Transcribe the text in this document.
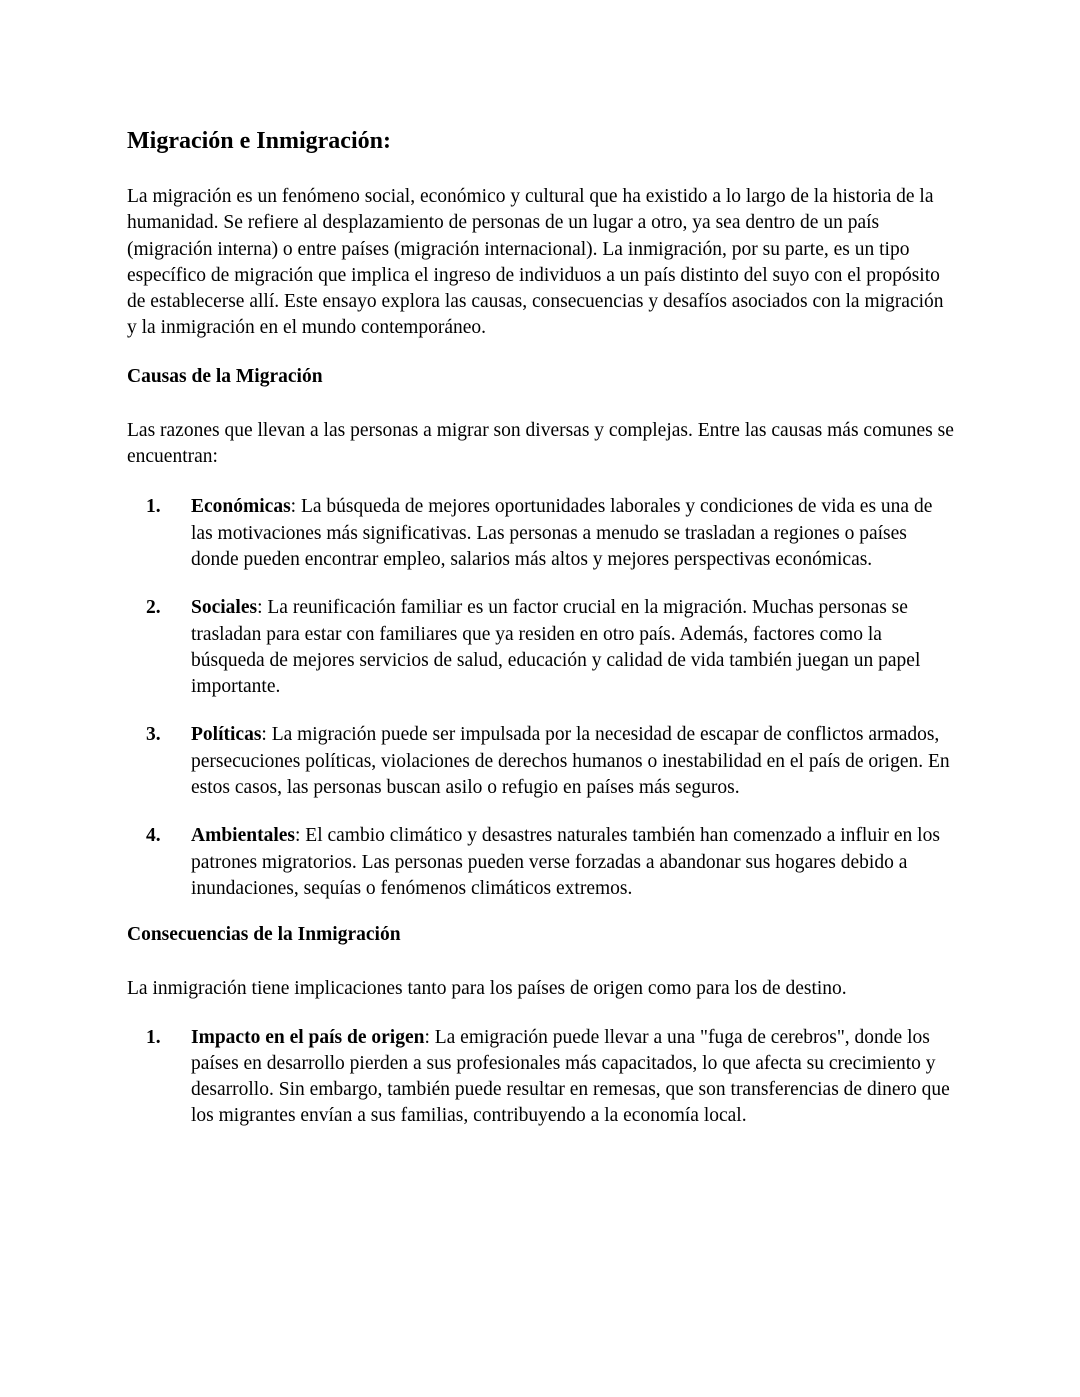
Migración e Inmigración:

La migración es un fenómeno social, económico y cultural que ha existido a lo largo de la historia de la humanidad. Se refiere al desplazamiento de personas de un lugar a otro, ya sea dentro de un país (migración interna) o entre países (migración internacional). La inmigración, por su parte, es un tipo específico de migración que implica el ingreso de individuos a un país distinto del suyo con el propósito de establecerse allí. Este ensayo explora las causas, consecuencias y desafíos asociados con la migración y la inmigración en el mundo contemporáneo.

Causas de la Migración

Las razones que llevan a las personas a migrar son diversas y complejas. Entre las causas más comunes se encuentran:

1. Económicas: La búsqueda de mejores oportunidades laborales y condiciones de vida es una de las motivaciones más significativas. Las personas a menudo se trasladan a regiones o países donde pueden encontrar empleo, salarios más altos y mejores perspectivas económicas.
2. Sociales: La reunificación familiar es un factor crucial en la migración. Muchas personas se trasladan para estar con familiares que ya residen en otro país. Además, factores como la búsqueda de mejores servicios de salud, educación y calidad de vida también juegan un papel importante.
3. Políticas: La migración puede ser impulsada por la necesidad de escapar de conflictos armados, persecuciones políticas, violaciones de derechos humanos o inestabilidad en el país de origen. En estos casos, las personas buscan asilo o refugio en países más seguros.
4. Ambientales: El cambio climático y desastres naturales también han comenzado a influir en los patrones migratorios. Las personas pueden verse forzadas a abandonar sus hogares debido a inundaciones, sequías o fenómenos climáticos extremos.
Consecuencias de la Inmigración

La inmigración tiene implicaciones tanto para los países de origen como para los de destino.

1. Impacto en el país de origen: La emigración puede llevar a una "fuga de cerebros", donde los países en desarrollo pierden a sus profesionales más capacitados, lo que afecta su crecimiento y desarrollo. Sin embargo, también puede resultar en remesas, que son transferencias de dinero que los migrantes envían a sus familias, contribuyendo a la economía local.
